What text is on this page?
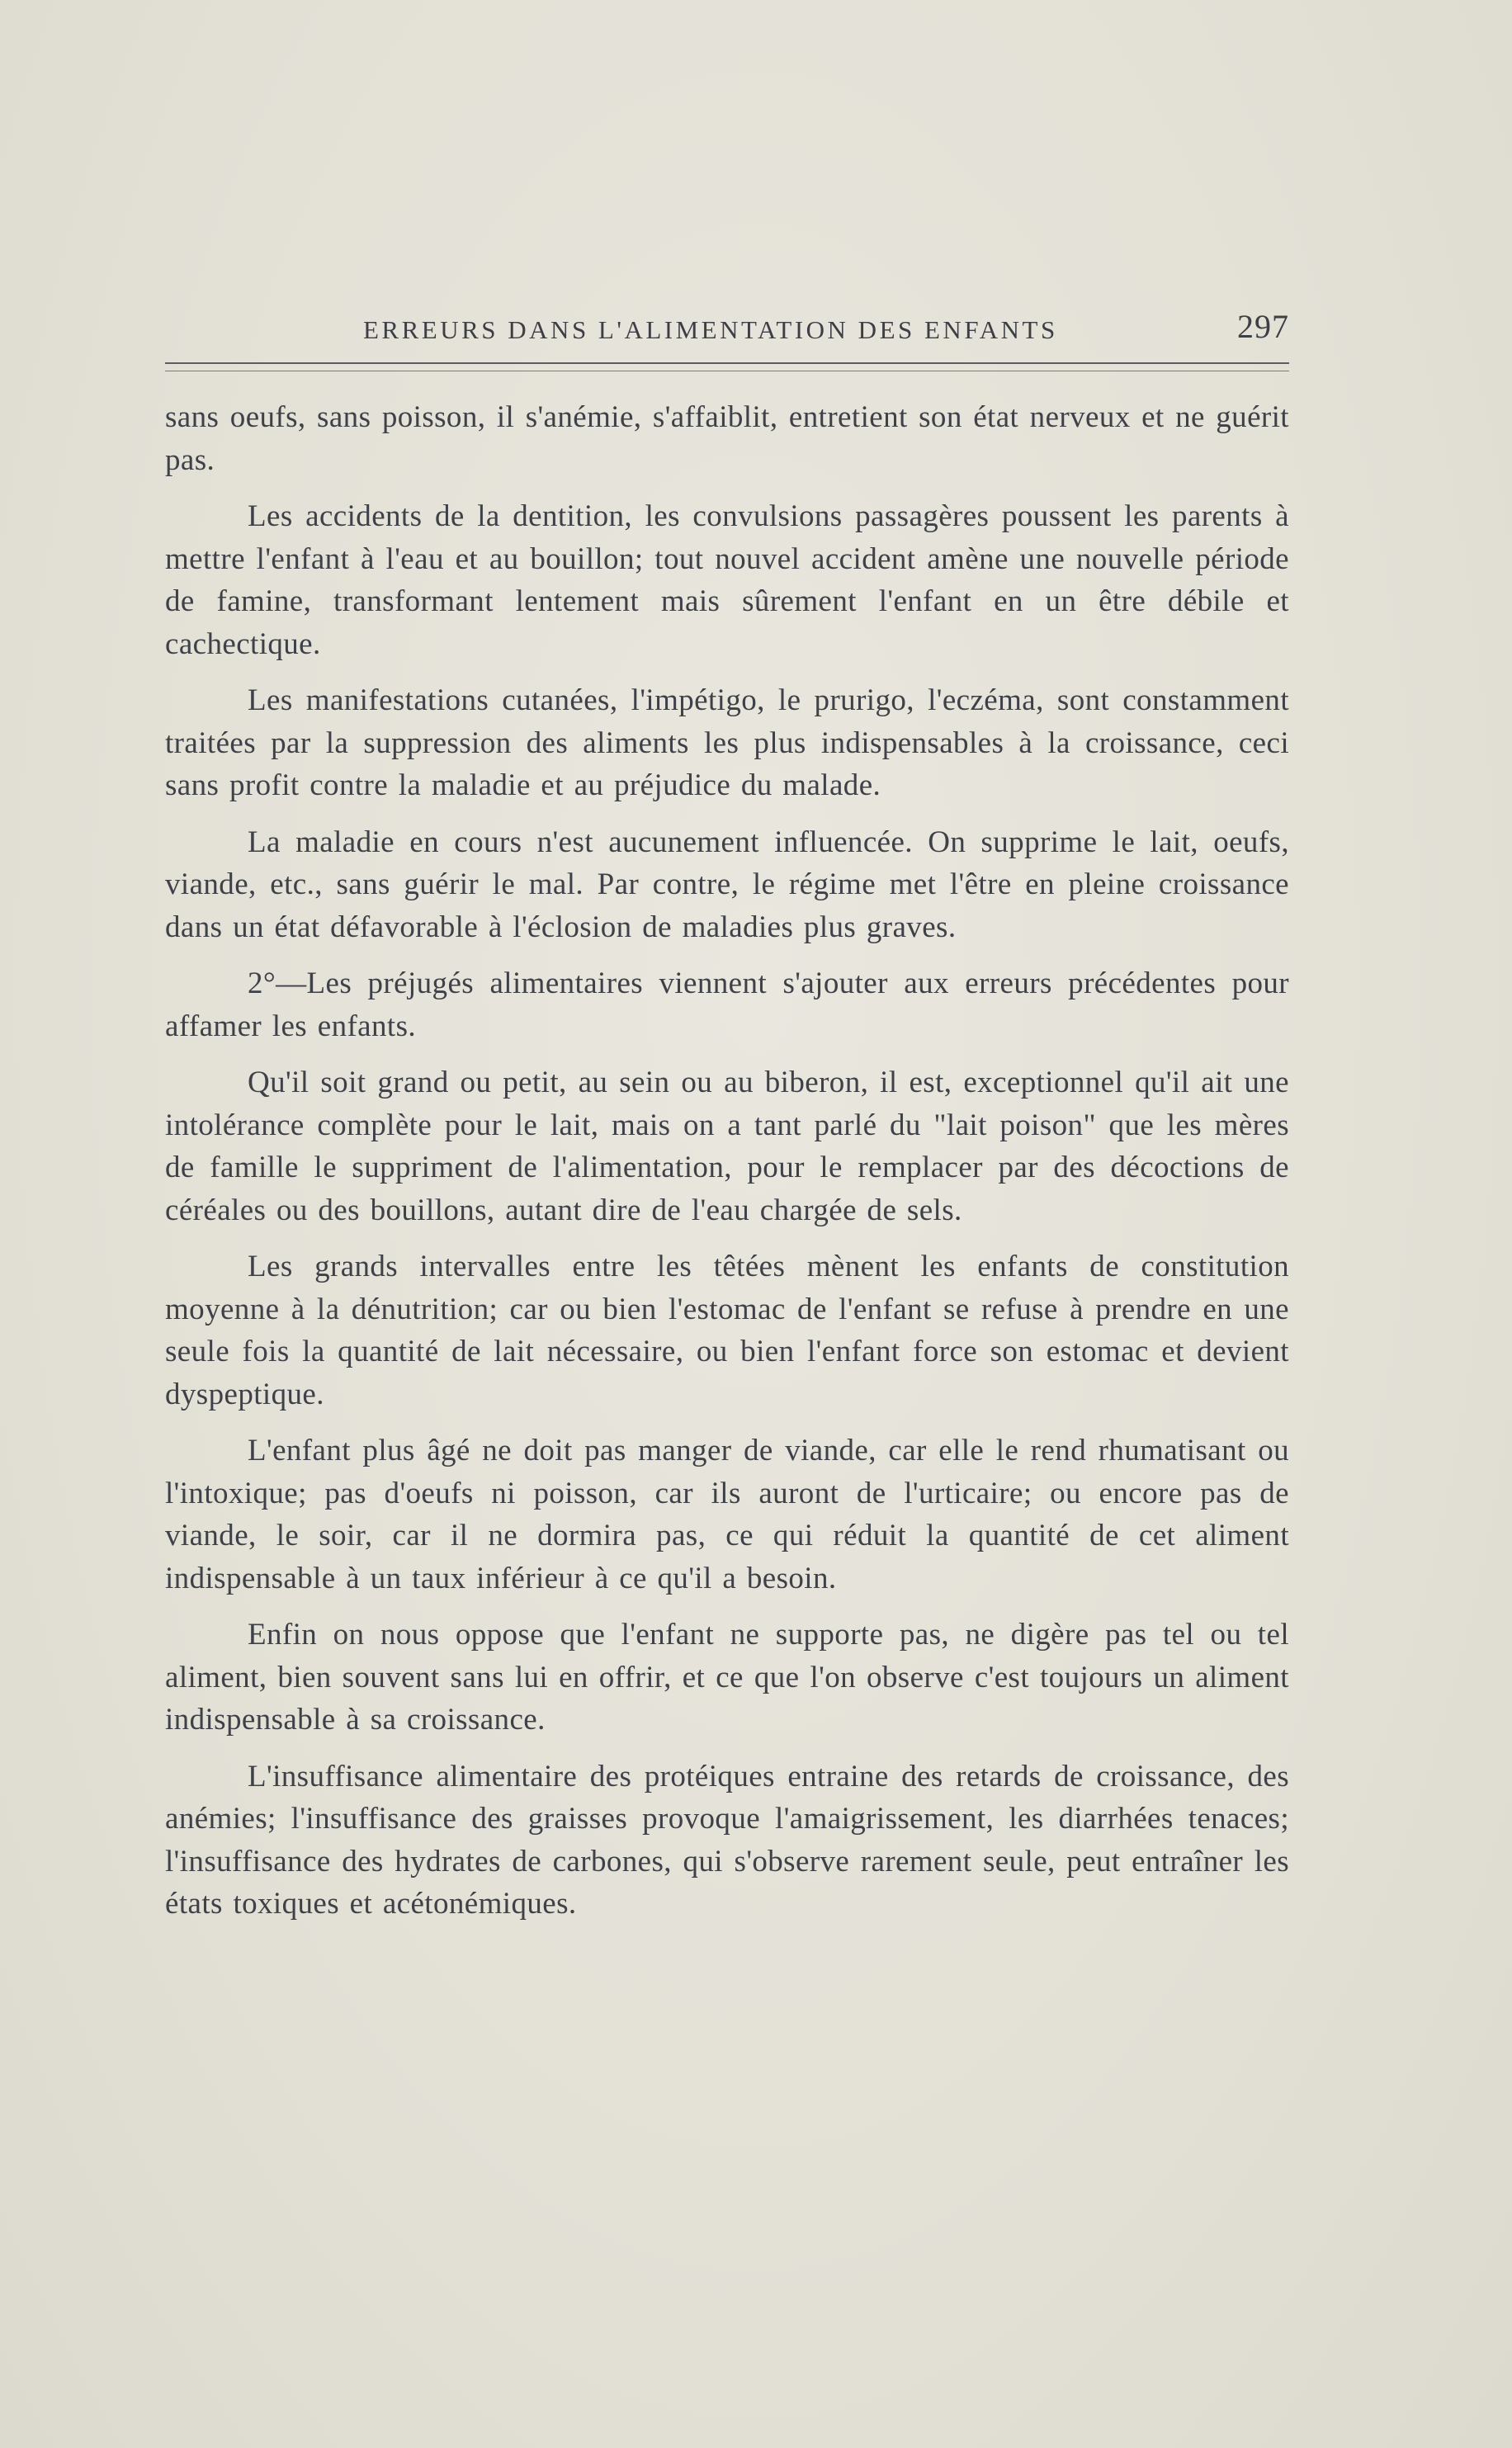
ERREURS DANS L'ALIMENTATION DES ENFANTS	297

sans oeufs, sans poisson, il s'anémie, s'affaiblit, entretient son état nerveux et ne guérit pas.

Les accidents de la dentition, les convulsions passagères poussent les parents à mettre l'enfant à l'eau et au bouillon; tout nouvel accident amène une nouvelle période de famine, transformant lentement mais sûrement l'enfant en un être débile et cachectique.

Les manifestations cutanées, l'impétigo, le prurigo, l'eczéma, sont constamment traitées par la suppression des aliments les plus indispensables à la croissance, ceci sans profit contre la maladie et au préjudice du malade.

La maladie en cours n'est aucunement influencée. On supprime le lait, oeufs, viande, etc., sans guérir le mal. Par contre, le régime met l'être en pleine croissance dans un état défavorable à l'éclosion de maladies plus graves.

2°—Les préjugés alimentaires viennent s'ajouter aux erreurs précédentes pour affamer les enfants.

Qu'il soit grand ou petit, au sein ou au biberon, il est, exceptionnel qu'il ait une intolérance complète pour le lait, mais on a tant parlé du "lait poison" que les mères de famille le suppriment de l'alimentation, pour le remplacer par des décoctions de céréales ou des bouillons, autant dire de l'eau chargée de sels.

Les grands intervalles entre les têtées mènent les enfants de constitution moyenne à la dénutrition; car ou bien l'estomac de l'enfant se refuse à prendre en une seule fois la quantité de lait nécessaire, ou bien l'enfant force son estomac et devient dyspeptique.

L'enfant plus âgé ne doit pas manger de viande, car elle le rend rhumatisant ou l'intoxique; pas d'oeufs ni poisson, car ils auront de l'urticaire; ou encore pas de viande, le soir, car il ne dormira pas, ce qui réduit la quantité de cet aliment indispensable à un taux inférieur à ce qu'il a besoin.

Enfin on nous oppose que l'enfant ne supporte pas, ne digère pas tel ou tel aliment, bien souvent sans lui en offrir, et ce que l'on observe c'est toujours un aliment indispensable à sa croissance.

L'insuffisance alimentaire des protéiques entraine des retards de croissance, des anémies; l'insuffisance des graisses provoque l'amaigrissement, les diarrhées tenaces; l'insuffisance des hydrates de carbones, qui s'observe rarement seule, peut entraîner les états toxiques et acétonémiques.
